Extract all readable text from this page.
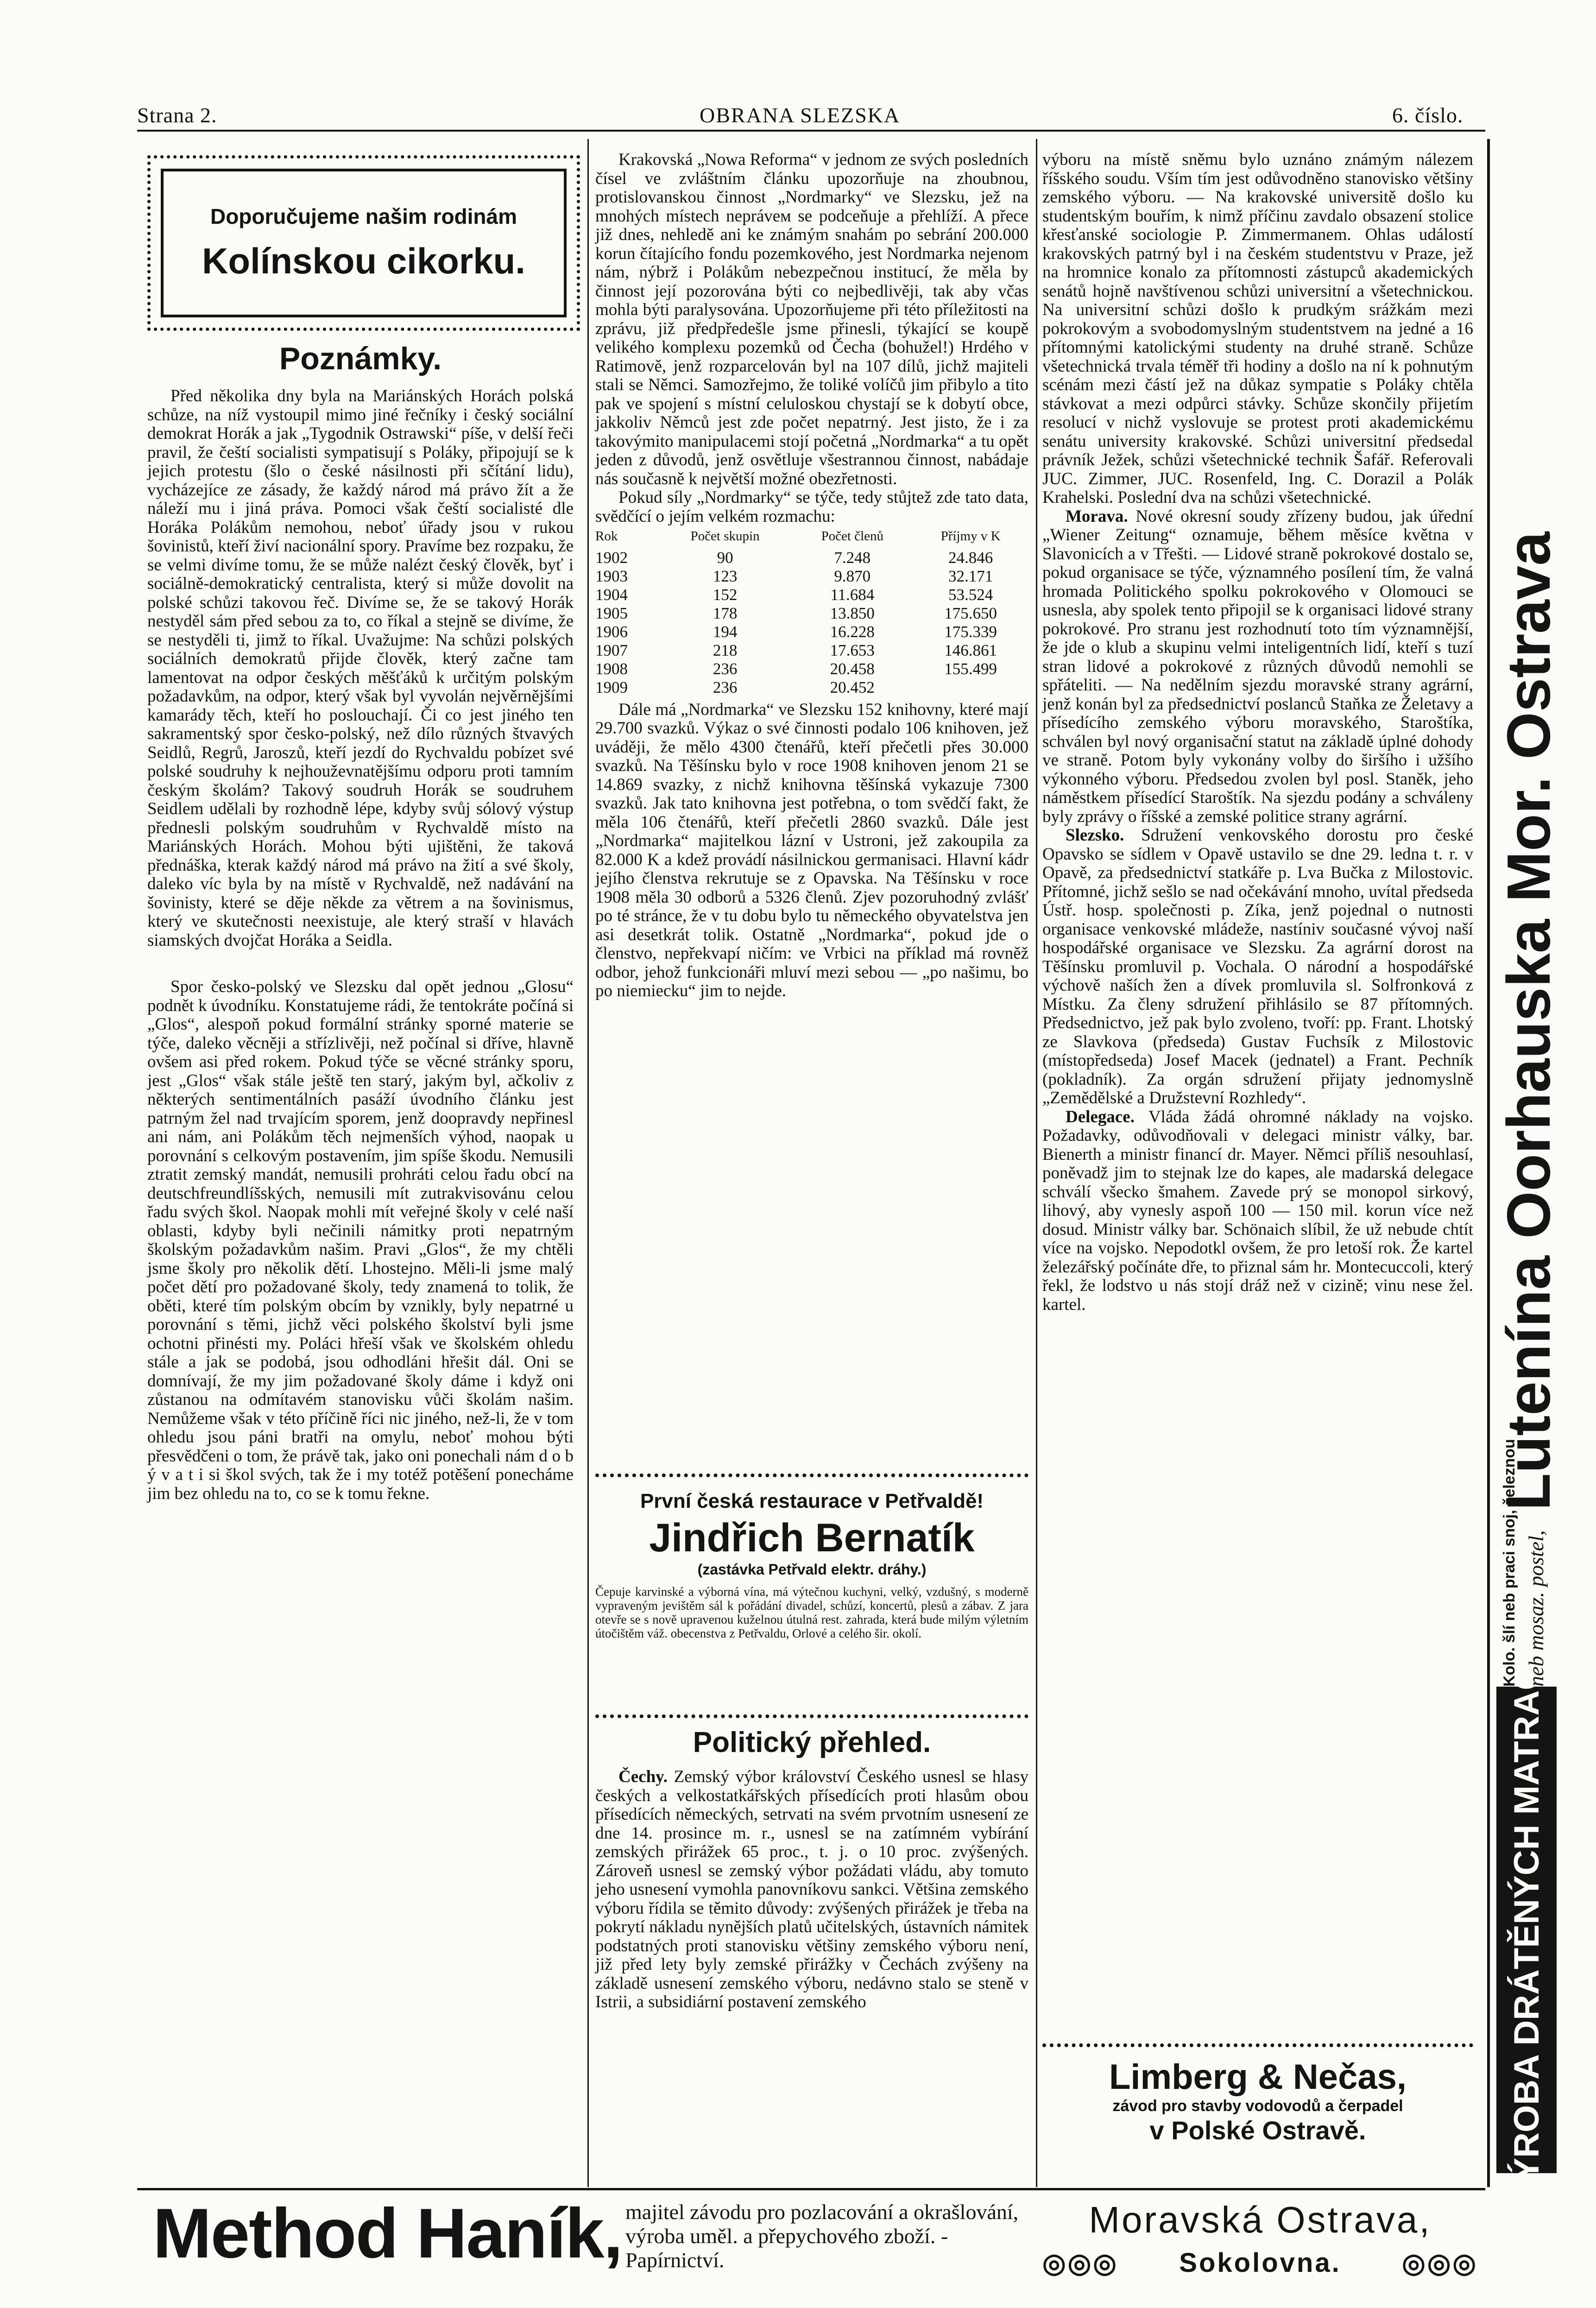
Strana 2.	OBRANA SLEZSKA	6. číslo.
Doporučujeme našim rodinám
Kolínskou cikorku.
Poznámky.

Před několika dny byla na Mariánských Horách polská schůze, na níž vystoupil mimo jiné řečníky i český sociální demokrat Horák a jak „Tygodnik Ostrawski“ píše, v delší řeči pravil, že čeští socialisti sympatisují s Poláky, připojují se k jejich protestu (šlo o české násilnosti při sčítání lidu), vycházejíce ze zásady, že každý národ má právo žít a že náleží mu i jiná práva. Pomoci však čeští socialisté dle Horáka Polákům nemohou, neboť úřady jsou v rukou šovinistů, kteří živí nacionální spory. Pravíme bez rozpaku, že se velmi divíme tomu, že se může nalézt český člověk, byť i sociálně-demokratický centralista, který si může dovolit na polské schůzi takovou řeč. Divíme se, že se takový Horák nestyděl sám před sebou za to, co říkal a stejně se divíme, že se nestyděli ti, jimž to říkal. Uvažujme: Na schůzi polských sociálních demokratů přijde člověk, který začne tam lamentovat na odpor českých měšťáků k určitým polským požadavkům, na odpor, který však byl vyvolán nejvěrnějšími kamarády těch, kteří ho poslouchají. Či co jest jiného ten sakramentský spor česko-polský, než dílo různých štvavých Seidlů, Regrů, Jaroszů, kteří jezdí do Rychvaldu pobízet své polské soudruhy k nejhouževnatějšímu odporu proti tamním českým školám? Takový soudruh Horák se soudruhem Seidlem udělali by rozhodně lépe, kdyby svůj sólový výstup přednesli polským soudruhům v Rychvaldě místo na Mariánských Horách. Mohou býti ujištěni, že taková přednáška, kterak každý národ má právo na žití a své školy, daleko víc byla by na místě v Rychvaldě, než nadávání na šovinisty, které se děje někde za větrem a na šovinismus, který ve skutečnosti neexistuje, ale který straší v hlavách siamských dvojčat Horáka a Seidla.

Spor česko-polský ve Slezsku dal opět jednou „Glosu“ podnět k úvodníku. Konstatujeme rádi, že tentokráte počíná si „Glos“, alespoň pokud formální stránky sporné materie se týče, daleko věcněji a střízlivěji, než počínal si dříve, hlavně ovšem asi před rokem. Pokud týče se věcné stránky sporu, jest „Glos“ však stále ještě ten starý, jakým byl, ačkoliv z některých sentimentálních pasáží úvodního článku jest patrným žel nad trvajícím sporem, jenž doopravdy nepřinesl ani nám, ani Polákům těch nejmenších výhod, naopak u porovnání s celkovým postavením, jim spíše škodu. Nemusili ztratit zemský mandát, nemusili prohráti celou řadu obcí na deutschfreundlíšských, nemusili mít zutrakvisovánu celou řadu svých škol. Naopak mohli mít veřejné školy v celé naší oblasti, kdyby byli nečinili námitky proti nepatrným školským požadavkům našim. Pravi „Glos“, že my chtěli jsme školy pro několik dětí. Lhostejno. Měli-li jsme malý počet dětí pro požadované školy, tedy znamená to tolik, že oběti, které tím polským obcím by vznikly, byly nepatrné u porovnání s těmi, jichž věci polského školství byli jsme ochotni přinésti my. Poláci hřeší však ve školském ohledu stále a jak se podobá, jsou odhodláni hřešit dál. Oni se domnívají, že my jim požadované školy dáme i když oni zůstanou na odmítavém stanovisku vůči školám našim. Nemůžeme však v této příčině říci nic jiného, než-li, že v tom ohledu jsou páni bratři na omylu, neboť mohou býti přesvědčeni o tom, že právě tak, jako oni ponechali nám d o b ý v a t i si škol svých, tak že i my totéž potěšení ponecháme jim bez ohledu na to, co se k tomu řekne.

Krakovská „Nowa Reforma“ v jednom ze svých posledních čísel ve zvláštním článku upozorňuje na zhoubnou, protislovanskou činnost „Nordmarky“ ve Slezsku, jež na mnohých místech nepráveм se podceňuje a přehlíží. A přece již dnes, nehledě ani ke známým snahám po sebrání 200.000 korun čítajícího fondu pozemkového, jest Nordmarka nejenom nám, nýbrž i Polákům nebezpečnou institucí, že měla by činnost její pozorována býti co nejbedlivěji, tak aby včas mohla býti paralysována. Upozorňujeme při této příležitosti na zprávu, již předpředešle jsme přinesli, týkající se koupě velikého komplexu pozemků od Čecha (bohužel!) Hrdého v Ratimově, jenž rozparcelován byl na 107 dílů, jichž majiteli stali se Němci. Samozřejmo, že toliké volíčů jim přibylo a tito pak ve spojení s místní celuloskou chystají se k dobytí obce, jakkoliv Němců jest zde počet nepatrný. Jest jisto, že i za takovýmito manipulacemi stojí početná „Nordmarka“ a tu opět jeden z důvodů, jenž osvětluje všestrannou činnost, nabádaje nás současně k největší možné obezřetnosti.

Pokud síly „Nordmarky“ se týče, tedy stůjtež zde tato data, svědčící o jejím velkém rozmachu:

Rok	Počet skupin	Počet členů	Příjmy v K
1902	90	7.248	24.846
1903	123	9.870	32.171
1904	152	11.684	53.524
1905	178	13.850	175.650
1906	194	16.228	175.339
1907	218	17.653	146.861
1908	236	20.458	155.499
1909	236	20.452	

Dále má „Nordmarka“ ve Slezsku 152 knihovny, které mají 29.700 svazků. Výkaz o své činnosti podalo 106 knihoven, jež uváději, že mělo 4300 čtenářů, kteří přečetli přes 30.000 svazků. Na Těšínsku bylo v roce 1908 knihoven jenom 21 se 14.869 svazky, z nichž knihovna těšínská vykazuje 7300 svazků. Jak tato knihovna jest potřebna, o tom svědčí fakt, že měla 106 čtenářů, kteří přečetli 2860 svazků. Dále jest „Nordmarka“ majitelkou lázní v Ustroni, jež zakoupila za 82.000 K a kdež provádí násilnickou germanisaci. Hlavní kádr jejího členstva rekrutuje se z Opavska. Na Těšínsku v roce 1908 měla 30 odborů a 5326 členů. Zjev pozoruhodný zvlášť po té stránce, že v tu dobu bylo tu německého obyvatelstva jen asi desetkrát tolik. Ostatně „Nordmarka“, pokud jde o členstvo, nepřekvapí ničím: ve Vrbici na příklad má rovněž odbor, jehož funkcionáři mluví mezi sebou — „po našimu, bo po niemiecku“ jim to nejde.

První česká restaurace v Petřvaldě!
Jindřich Bernatík
(zastávka Petřvald elektr. dráhy.)
Čepuje karvinské a výborná vína, má výtečnou kuchyni, velký, vzdušný, s moderně vypraveným jevištěm sál k pořádání divadel, schůzí, koncertů, plesů a zábav. Z jara otevře se s nově upraveпou kuželnou útulná rest. zahrada, která bude milým výletním útočištěm váž. obecenstva z Petřvaldu, Orlové a celého šir. okolí.
Politický přehled.

Čechy. Zemský výbor království Českého usnesl se hlasy českých a velkostatkářských přísedících proti hlasům obou přísedících německých, setrvati na svém prvotním usnesení ze dne 14. prosince m. r., usnesl se na zatímném vybírání zemských přirážek 65 proc., t. j. o 10 proc. zvýšených. Zároveň usnesl se zemský výbor požádati vládu, aby tomuto jeho usnesení vymohla panovníkovu sankci. Většina zemského výboru řídila se těmito důvody: zvýšených přirážek je třeba na pokrytí nákladu nynějších platů učitelských, ústavních námitek podstatných proti stanovisku většiny zemského výboru není, již před lety byly zemské přirážky v Čechách zvýšeny na základě usnesení zemského výboru, nedávno stalo se steně v Istrii, a subsidiární postavení zemského

výboru na místě sněmu bylo uznáno známým nálezem říšského soudu. Vším tím jest odůvodněno stanovisko většiny zemského výboru. — Na krakovské universitě došlo ku studentským bouřím, k nimž příčinu zavdalo obsazení stolice křesťanské sociologie P. Zimmermanem. Ohlas událostí krakovských patrný byl i na českém studentstvu v Praze, jež na hromnice konalo za přítomnosti zástupců akademických senátů hojně navštívenou schůzi universitní a všetechnickou. Na universitní schůzi došlo k prudkým srážkám mezi pokrokovým a svobodomyslným studentstvem na jedné a 16 přítomnými katolickými studenty na druhé straně. Schůze všetechnická trvala téměř tři hodiny a došlo na ní k pohnutým scénám mezi částí jež na důkaz sympatie s Poláky chtěla stávkovat a mezi odpůrci stávky. Schůze skončily přijetím resolucí v nichž vyslovuje se protest proti akademickému senátu university krakovské. Schůzi universitní předsedal právník Ježek, schůzi všetechnické technik Šafář. Referovali JUC. Zimmer, JUC. Rosenfeld, Ing. C. Dorazil a Polák Krahelski. Poslední dva na schůzi všetechnické.

Morava. Nové okresní soudy zřízeny budou, jak úřední „Wiener Zeitung“ oznamuje, během měsíce května v Slavonicích a v Třešti. — Lidové straně pokrokové dostalo se, pokud organisace se týče, významného posílení tím, že valná hromada Politického spolku pokrokového v Olomouci se usnesla, aby spolek tento připojil se k organisaci lidové strany pokrokové. Pro stranu jest rozhodnutí toto tím významnější, že jde o klub a skupinu velmi inteligentních lidí, kteří s tuzí stran lidové a pokrokové z různých důvodů nemohli se spřáteliti. — Na nedělním sjezdu moravské strany agrární, jenž konán byl za předsednictví poslanců Staňka ze Želetavy a přísedícího zemského výboru moravského, Staroštíka, schválen byl nový organisační statut na základě úplné dohody ve straně. Potom byly vykonány volby do širšího i užšího výkonného výboru. Předsedou zvolen byl posl. Staněk, jeho náměstkem přísedící Staroštík. Na sjezdu podány a schváleny byly zprávy o říšské a zemské politice strany agrární.

Slezsko. Sdružení venkovského dorostu pro české Opavsko se sídlem v Opavě ustavilo se dne 29. ledna t. r. v Opavě, za předsednictví statkáře p. Lva Bučka z Milostovic. Přítomné, jichž sešlo se nad očekávání mnoho, uvítal předseda Ústř. hosp. společnosti p. Zíka, jenž pojednal o nutnosti organisace venkovské mládeže, nastíniv současné vývoj naší hospodářské organisace ve Slezsku. Za agrární dorost na Těšínsku promluvil p. Vochala. O národní a hospodářské výchově naších žen a dívek promluvila sl. Solfronková z Místku. Za členy sdružení přihlásilo se 87 přítomných. Předsednictvo, jež pak bylo zvoleno, tvoří: pp. Frant. Lhotský ze Slavkova (předseda) Gustav Fuchsík z Milostovic (místopředseda) Josef Macek (jednatel) a Frant. Pechník (pokladník). Za orgán sdružení přijaty jednomyslně „Zemědělské a Družstevní Rozhledy“.

Delegace. Vláda žádá ohromné náklady na vojsko. Požadavky, odůvodňovali v delegaci ministr války, bar. Bienerth a ministr financí dr. Mayer. Němci příliš nesouhlasí, poněvadž jim to stejnak lze do kapes, ale madarská delegace schválí všecko šmahem. Zavede prý se monopol sirkový, lihový, aby vynesly aspoň 100 — 150 mil. korun více než dosud. Ministr války bar. Schönaich slíbil, že už nebude chtít více na vojsko. Nepodotkl ovšem, že pro letoší rok. Že kartel železářský počínáte dře, to přiznal sám hr. Montecuccoli, který řekl, že lodstvo u nás stojí dráž než v cizině; vinu nese žel. kartel.

Limberg & Nečas,
závod pro stavby vodovodů a čerpadel
v Polské Ostravě.
Method Haník, majitel závodu pro pozlacování a okrašlování, výroba uměl. a přepychového zboží. - Papírnictví.
Moravská Ostrava,
◎◎◎ Sokolovna. ◎◎◎
Lutenína Oorhauska Mor. Ostrava
VÝROBA DRÁTĚNÝCH MATRACÍ
Kolo. šlí neb praci snoj, železnou neb mosaz. postel,
